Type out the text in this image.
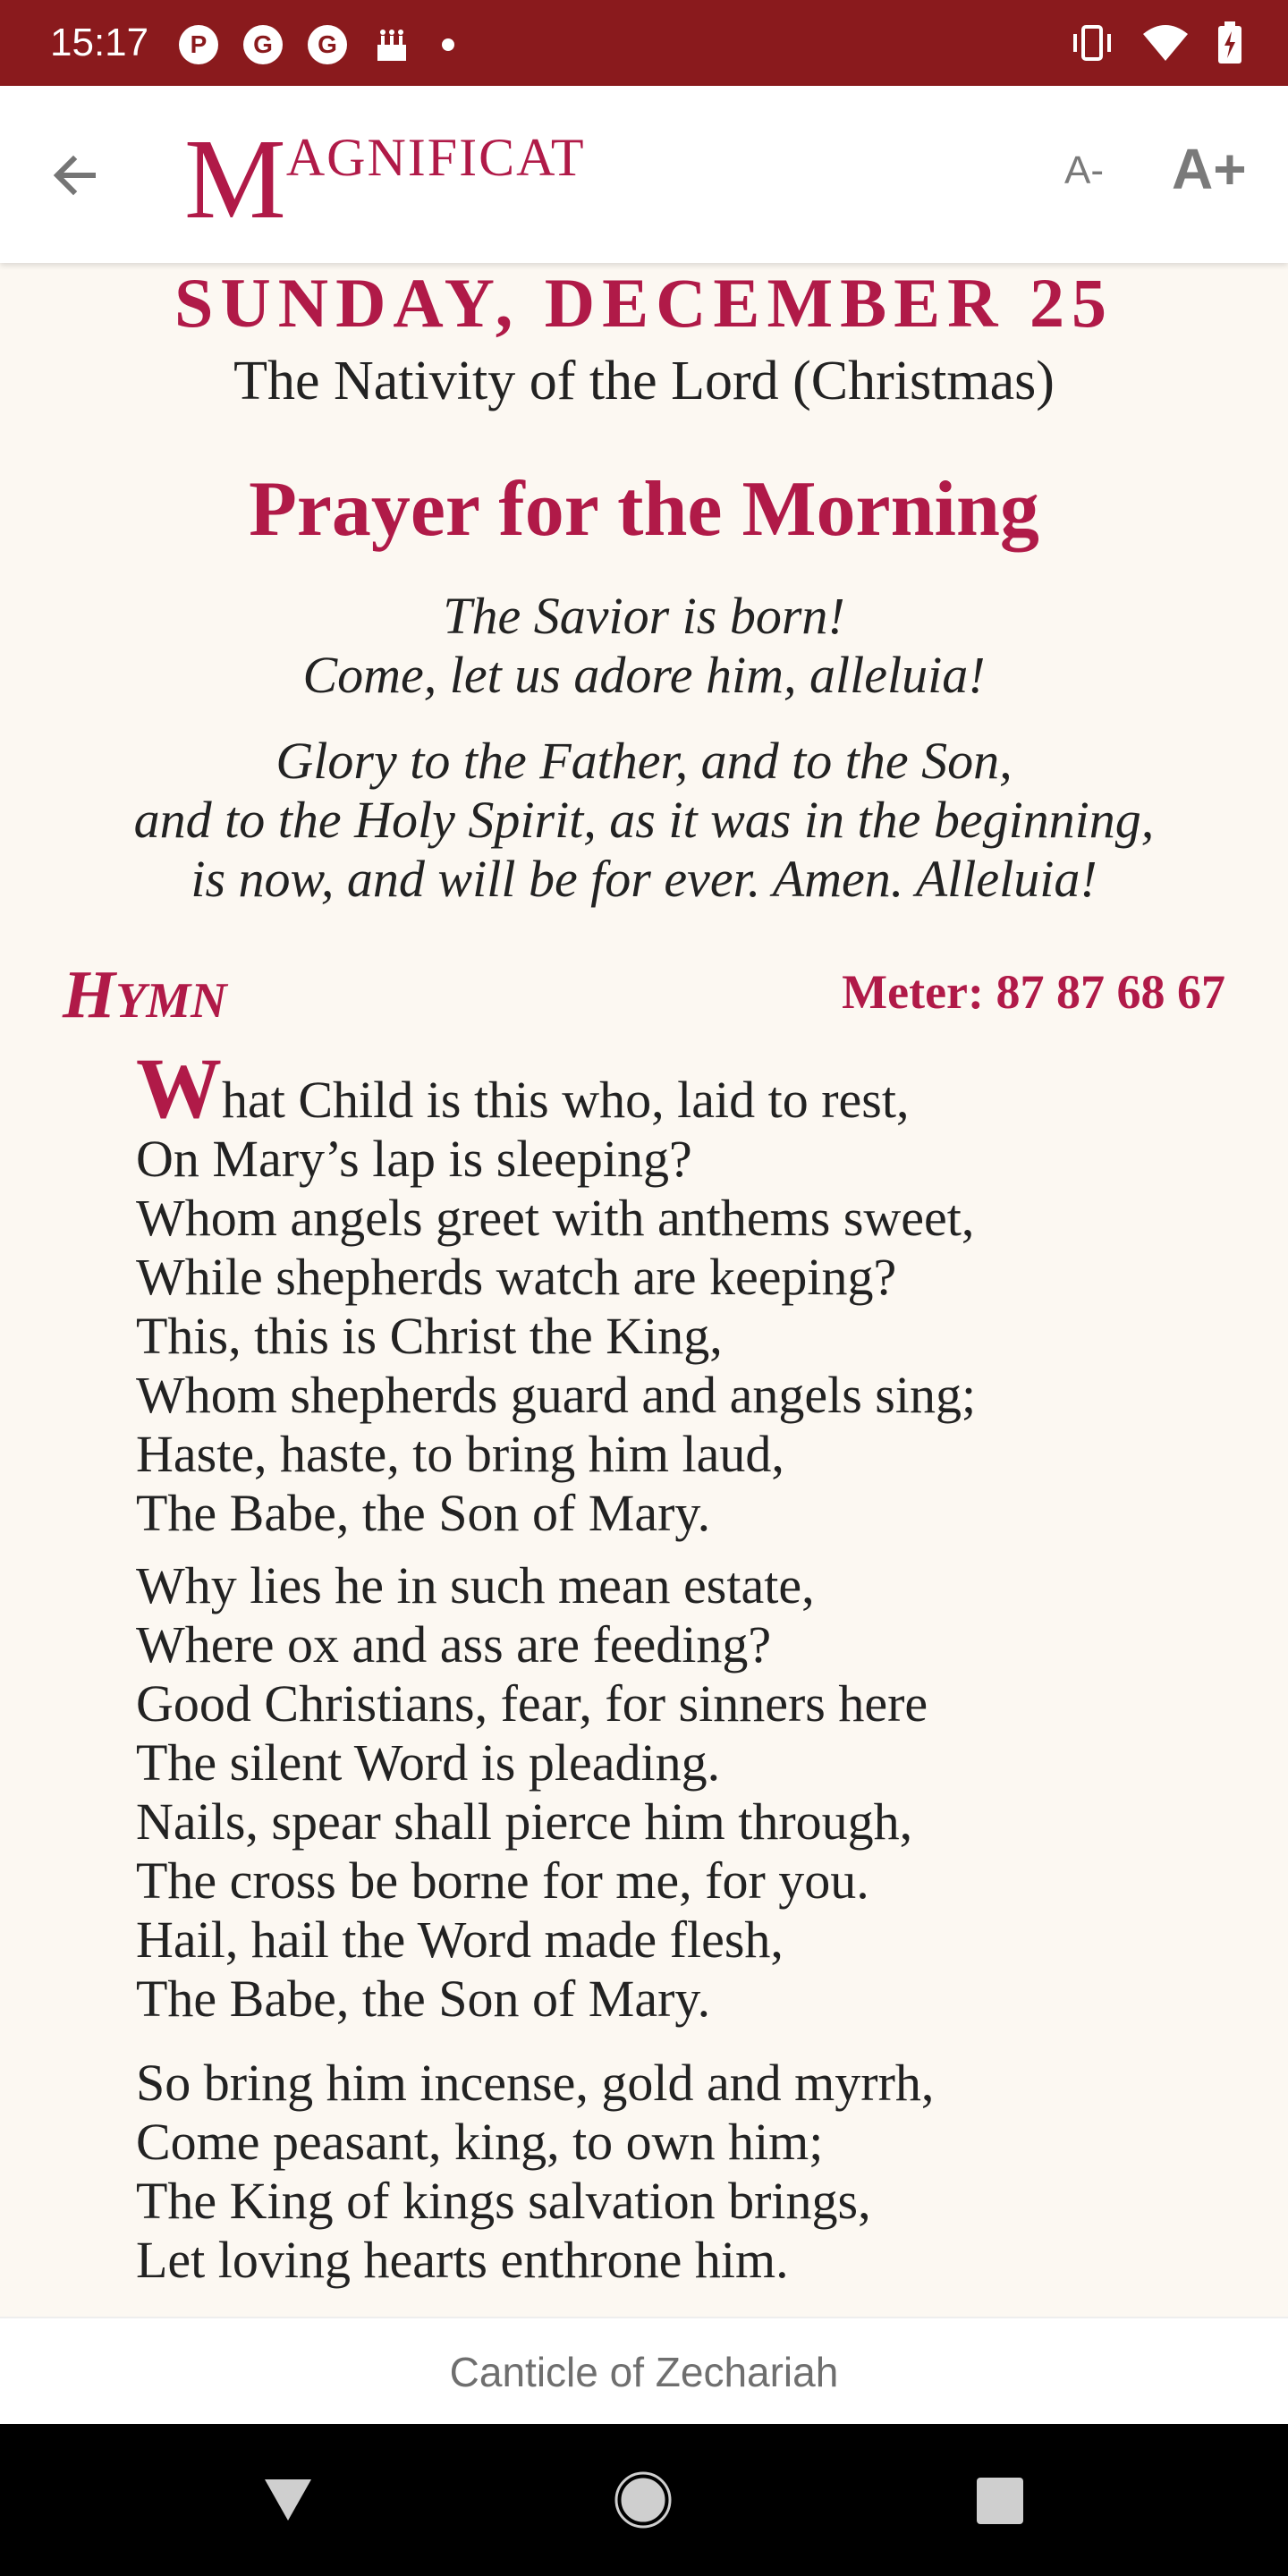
15:17	P	G	G
MAGNIFICAT	A- A+
SUNDAY, DECEMBER 25
The Nativity of the Lord (Christmas)
Prayer for the Morning
The Savior is born!
Come, let us adore him, alleluia!
Glory to the Father, and to the Son,
and to the Holy Spirit, as it was in the beginning,
is now, and will be for ever. Amen. Alleluia!
HYMN	Meter: 87 87 68 67
What Child is this who, laid to rest,
On Mary’s lap is sleeping?
Whom angels greet with anthems sweet,
While shepherds watch are keeping?
This, this is Christ the King,
Whom shepherds guard and angels sing;
Haste, haste, to bring him laud,
The Babe, the Son of Mary.
Why lies he in such mean estate,
Where ox and ass are feeding?
Good Christians, fear, for sinners here
The silent Word is pleading.
Nails, spear shall pierce him through,
The cross be borne for me, for you.
Hail, hail the Word made flesh,
The Babe, the Son of Mary.
So bring him incense, gold and myrrh,
Come peasant, king, to own him;
The King of kings salvation brings,
Let loving hearts enthrone him.
Canticle of Zechariah
